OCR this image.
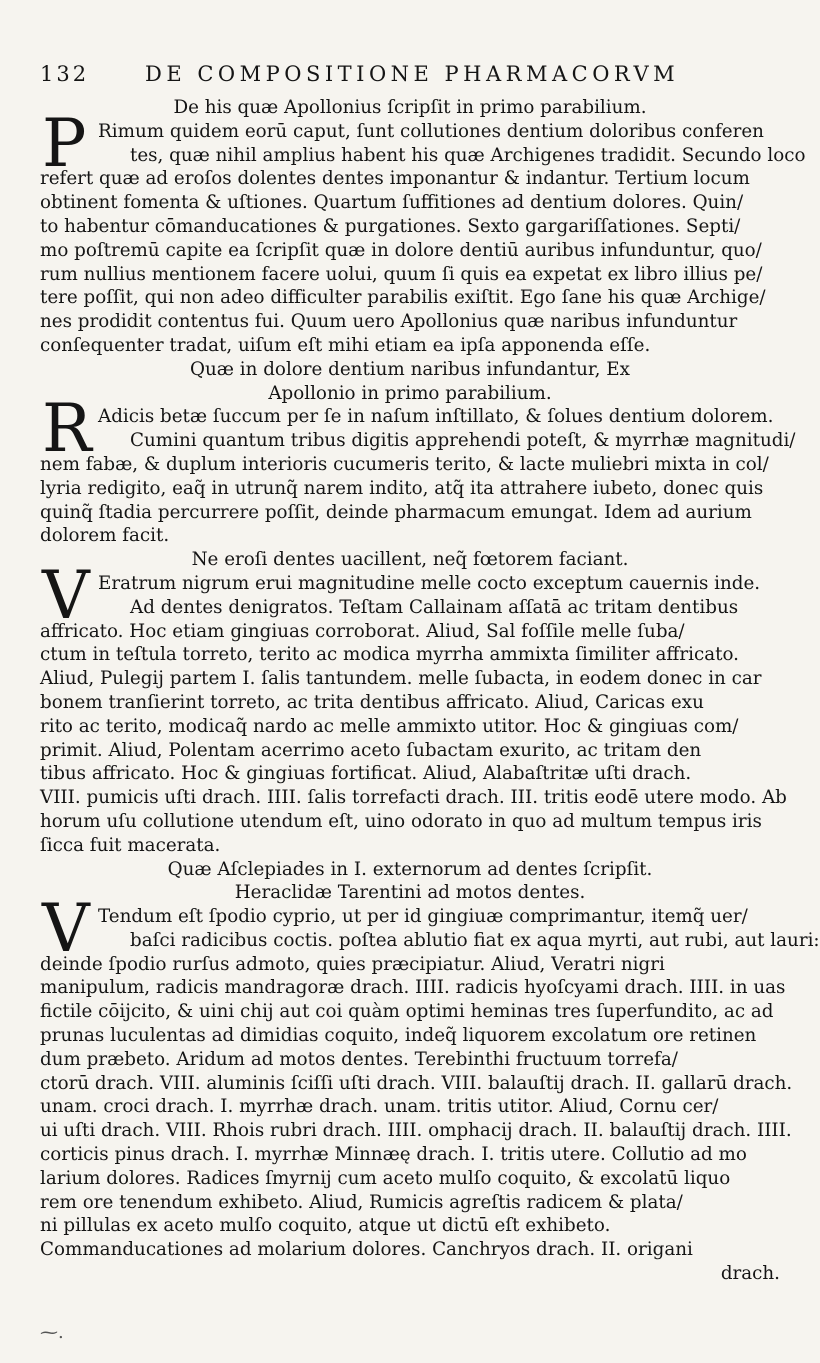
132	DE COMPOSITIONE PHARMACORVM
De his quæ Apollonius ſcripſit in primo parabilium.
P Rimum quidem eorū caput, ſunt collutiones dentium doloribus conferen
tes, quæ nihil amplius habent his quæ Archigenes tradidit. Secundo loco
refert quæ ad eroſos dolentes dentes imponantur & indantur. Tertium locum
obtinent fomenta & uſtiones. Quartum ſuffitiones ad dentium dolores. Quin/
to habentur cōmanducationes & purgationes. Sexto gargariſſationes. Septi/
mo poſtremū capite ea ſcripſit quæ in dolore dentiū auribus infunduntur, quo/
rum nullius mentionem facere uolui, quum ſi quis ea expetat ex libro illius pe/
tere poſſit, qui non adeo difficulter parabilis exiſtit. Ego ſane his quæ Archige/
nes prodidit contentus fui. Quum uero Apollonius quæ naribus infunduntur
conſequenter tradat, uiſum eſt mihi etiam ea ipſa apponenda eſſe.
Quæ in dolore dentium naribus infundantur, Ex
Apollonio in primo parabilium.
R Adicis betæ ſuccum per ſe in naſum inſtillato, & ſolues dentium dolorem.
Cumini quantum tribus digitis apprehendi poteſt, & myrrhæ magnitudi/
nem fabæ, & duplum interioris cucumeris terito, & lacte muliebri mixta in col/
lyria redigito, eaq̃ in utrunq̃ narem indito, atq̃ ita attrahere iubeto, donec quis
quinq̃ ſtadia percurrere poſſit, deinde pharmacum emungat. Idem ad aurium
dolorem facit.
Ne eroſi dentes uacillent, neq̃ fœtorem faciant.
V Eratrum nigrum erui magnitudine melle cocto exceptum cauernis inde.
Ad dentes denigratos. Teſtam Callainam aſſatā ac tritam dentibus
affricato. Hoc etiam gingiuas corroborat. Aliud, Sal foſſile melle ſuba/
ctum in teſtula torreto, terito ac modica myrrha ammixta ſimiliter affricato.
Aliud, Pulegij partem I. ſalis tantundem. melle ſubacta, in eodem donec in car
bonem tranſierint torreto, ac trita dentibus affricato. Aliud, Caricas exu
rito ac terito, modicaq̃ nardo ac melle ammixto utitor. Hoc & gingiuas com/
primit. Aliud, Polentam acerrimo aceto ſubactam exurito, ac tritam den
tibus affricato. Hoc & gingiuas fortificat. Aliud, Alabaſtritæ uſti drach.
VIII. pumicis uſti drach. IIII. ſalis torrefacti drach. III. tritis eodē utere modo. Ab
horum uſu collutione utendum eſt, uino odorato in quo ad multum tempus iris
ſicca fuit macerata.
Quæ Aſclepiades in I. externorum ad dentes ſcripſit.
Heraclidæ Tarentini ad motos dentes.
V Tendum eſt ſpodio cyprio, ut per id gingiuæ comprimantur, itemq̃ uer/
baſci radicibus coctis. poſtea ablutio fiat ex aqua myrti, aut rubi, aut lauri:
deinde ſpodio rurſus admoto, quies præcipiatur. Aliud, Veratri nigri
manipulum, radicis mandragoræ drach. IIII. radicis hyoſcyami drach. IIII. in uas
fictile cōijcito, & uini chij aut coi quàm optimi heminas tres ſuperfundito, ac ad
prunas luculentas ad dimidias coquito, indeq̃ liquorem excolatum ore retinen
dum præbeto. Aridum ad motos dentes. Terebinthi fructuum torrefa/
ctorū drach. VIII. aluminis ſciſſi uſti drach. VIII. balauſtij drach. II. gallarū drach.
unam. croci drach. I. myrrhæ drach. unam. tritis utitor. Aliud, Cornu cer/
ui uſti drach. VIII. Rhois rubri drach. IIII. omphacij drach. II. balauſtij drach. IIII.
corticis pinus drach. I. myrrhæ Minnæę drach. I. tritis utere. Collutio ad mo
larium dolores. Radices ſmyrnij cum aceto mulſo coquito, & excolatū liquo
rem ore tenendum exhibeto. Aliud, Rumicis agreſtis radicem & plata/
ni pillulas ex aceto mulſo coquito, atque ut dictū eſt exhibeto.
Commanducationes ad molarium dolores. Canchryos drach. II. origani
drach.
⁓.
